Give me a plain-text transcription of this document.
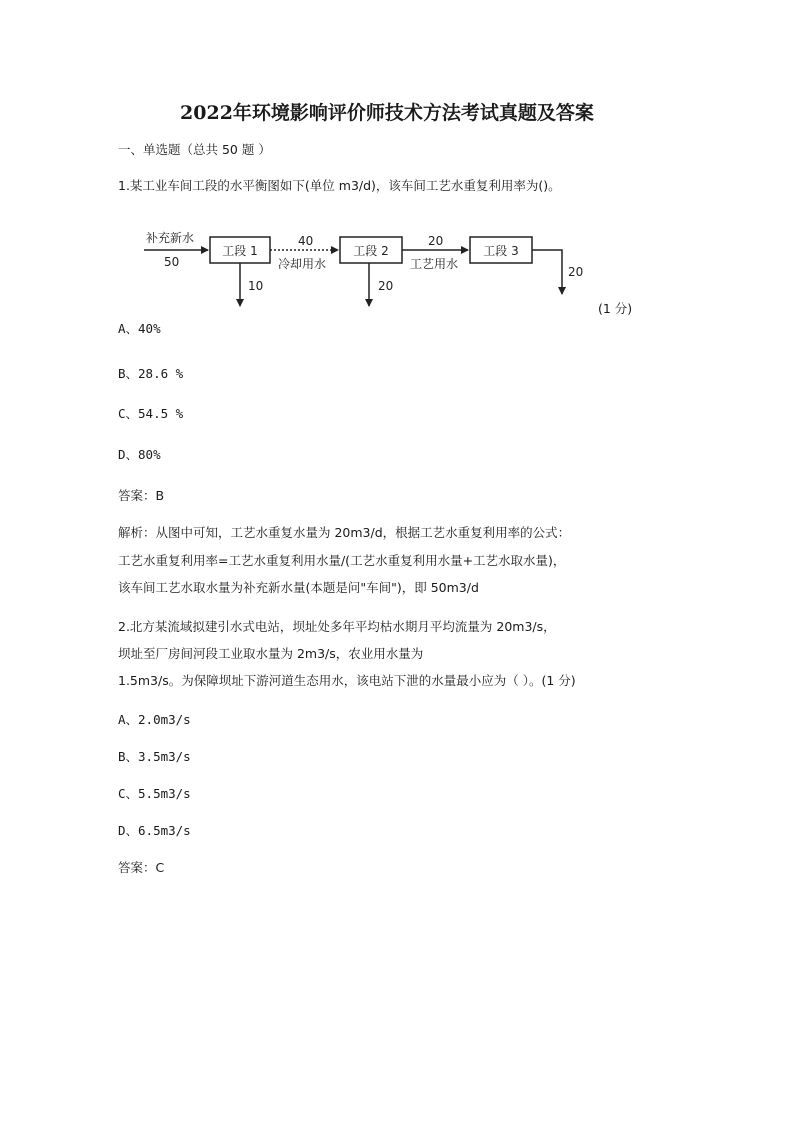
2022年环境影响评价师技术方法考试真题及答案
一、单选题（总共 50 题 ）
1.某工业车间工段的水平衡图如下(单位 m3/d)，该车间工艺水重复利用率为()。
补充新水
50
工段 1
40
冷却用水
工段 2
20
工艺用水
工段 3
10	20
20
(1 分)
A、40%
B、28.6 %
C、54.5 %
D、80%
答案：B
解析：从图中可知，工艺水重复水量为 20m3/d，根据工艺水重复利用率的公式：
工艺水重复利用率=工艺水重复利用水量/(工艺水重复利用水量+工艺水取水量)，
该车间工艺水取水量为补充新水量(本题是问"车间")，即 50m3/d
2.北方某流域拟建引水式电站，坝址处多年平均枯水期月平均流量为 20m3/s，
坝址至厂房间河段工业取水量为 2m3/s，农业用水量为
1.5m3/s。为保障坝址下游河道生态用水，该电站下泄的水量最小应为（ ）。(1 分)
A、2.0m3/s
B、3.5m3/s
C、5.5m3/s
D、6.5m3/s
答案：C
